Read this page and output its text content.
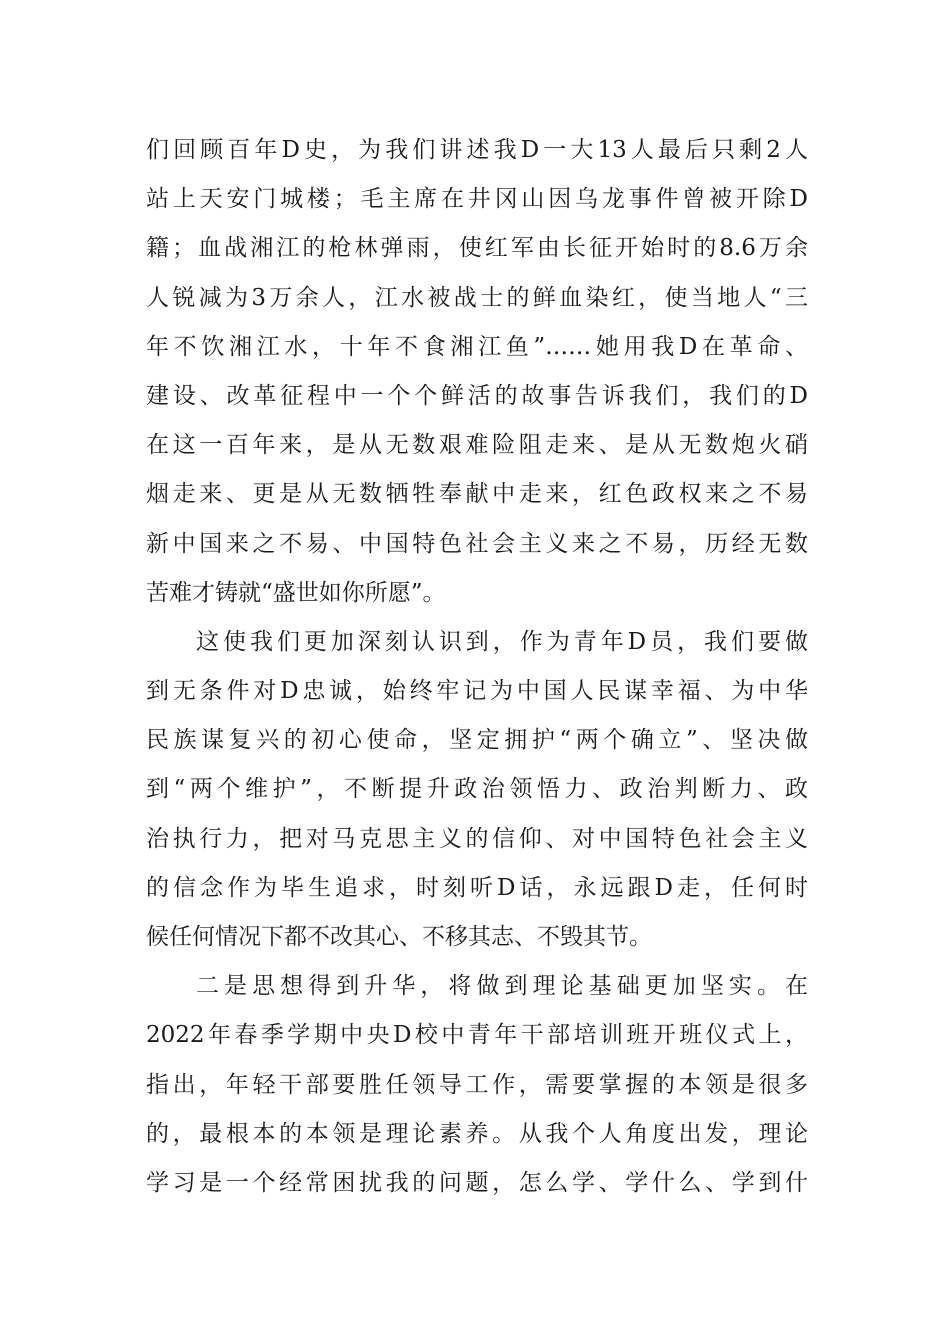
们回顾百年D史，为我们讲述我D一大13人最后只剩2人
站上天安门城楼；毛主席在井冈山因乌龙事件曾被开除D
籍；血战湘江的枪林弹雨，使红军由长征开始时的8.6万余
人锐减为3万余人，江水被战士的鲜血染红，使当地人“三
年不饮湘江水，十年不食湘江鱼”……她用我D在革命、
建设、改革征程中一个个鲜活的故事告诉我们，我们的D
在这一百年来，是从无数艰难险阻走来、是从无数炮火硝
烟走来、更是从无数牺牲奉献中走来，红色政权来之不易
新中国来之不易、中国特色社会主义来之不易，历经无数
苦难才铸就“盛世如你所愿”。
这使我们更加深刻认识到，作为青年D员，我们要做
到无条件对D忠诚，始终牢记为中国人民谋幸福、为中华
民族谋复兴的初心使命，坚定拥护“两个确立”、坚决做
到“两个维护”，不断提升政治领悟力、政治判断力、政
治执行力，把对马克思主义的信仰、对中国特色社会主义
的信念作为毕生追求，时刻听D话，永远跟D走，任何时
候任何情况下都不改其心、不移其志、不毁其节。
二是思想得到升华，将做到理论基础更加坚实。在
2022年春季学期中央D校中青年干部培训班开班仪式上，
指出，年轻干部要胜任领导工作，需要掌握的本领是很多
的，最根本的本领是理论素养。从我个人角度出发，理论
学习是一个经常困扰我的问题，怎么学、学什么、学到什
